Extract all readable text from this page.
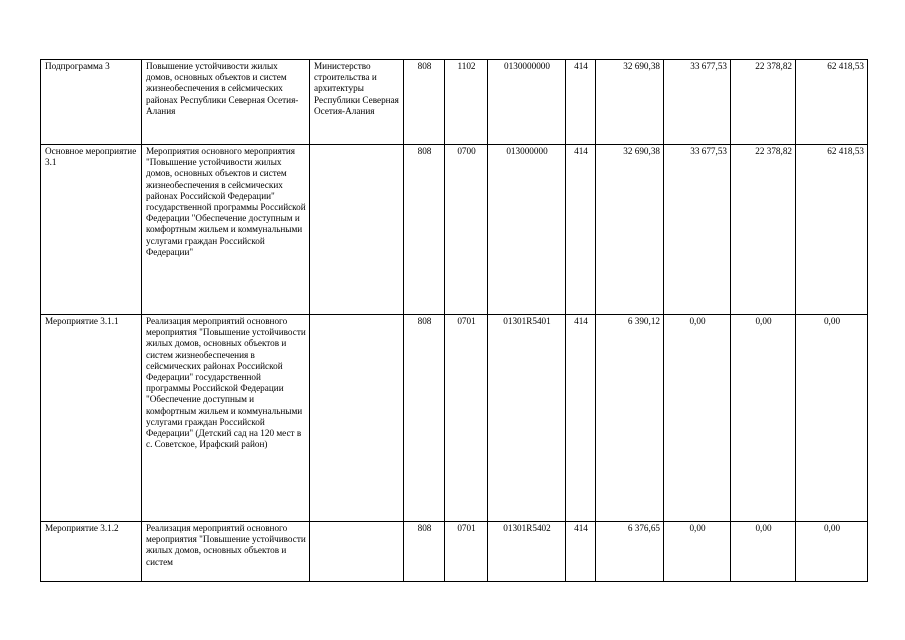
Подпрограмма 3	Повышение устойчивости жилых домов, основных объектов и систем жизнеобеспечения в сейсмических районах Республики Северная Осетия-Алания	Министерство строительства и архитектуры Республики Северная Осетия-Алания	808	1102	0130000000	414	32 690,38	33 677,53	22 378,82	62 418,53

Основное мероприятие 3.1	Мероприятия основного мероприятия "Повышение устойчивости жилых домов, основных объектов и систем жизнеобеспечения в сейсмических районах Российской Федерации" государственной программы Российской Федерации "Обеспечение доступным и комфортным жильем и коммунальными услугами граждан Российской Федерации"		808	0700	013000000	414	32 690,38	33 677,53	22 378,82	62 418,53

Мероприятие 3.1.1	Реализация мероприятий основного мероприятия "Повышение устойчивости жилых домов, основных объектов и систем жизнеобеспечения в сейсмических районах Российской Федерации" государственной программы Российской Федерации "Обеспечение доступным и комфортным жильем и коммунальными услугами граждан Российской Федерации" (Детский сад на 120 мест в с. Советское, Ирафский район)		808	0701	01301R5401	414	6 390,12	0,00	0,00	0,00

Мероприятие 3.1.2	Реализация мероприятий основного мероприятия "Повышение устойчивости жилых домов, основных объектов и систем		808	0701	01301R5402	414	6 376,65	0,00	0,00	0,00
